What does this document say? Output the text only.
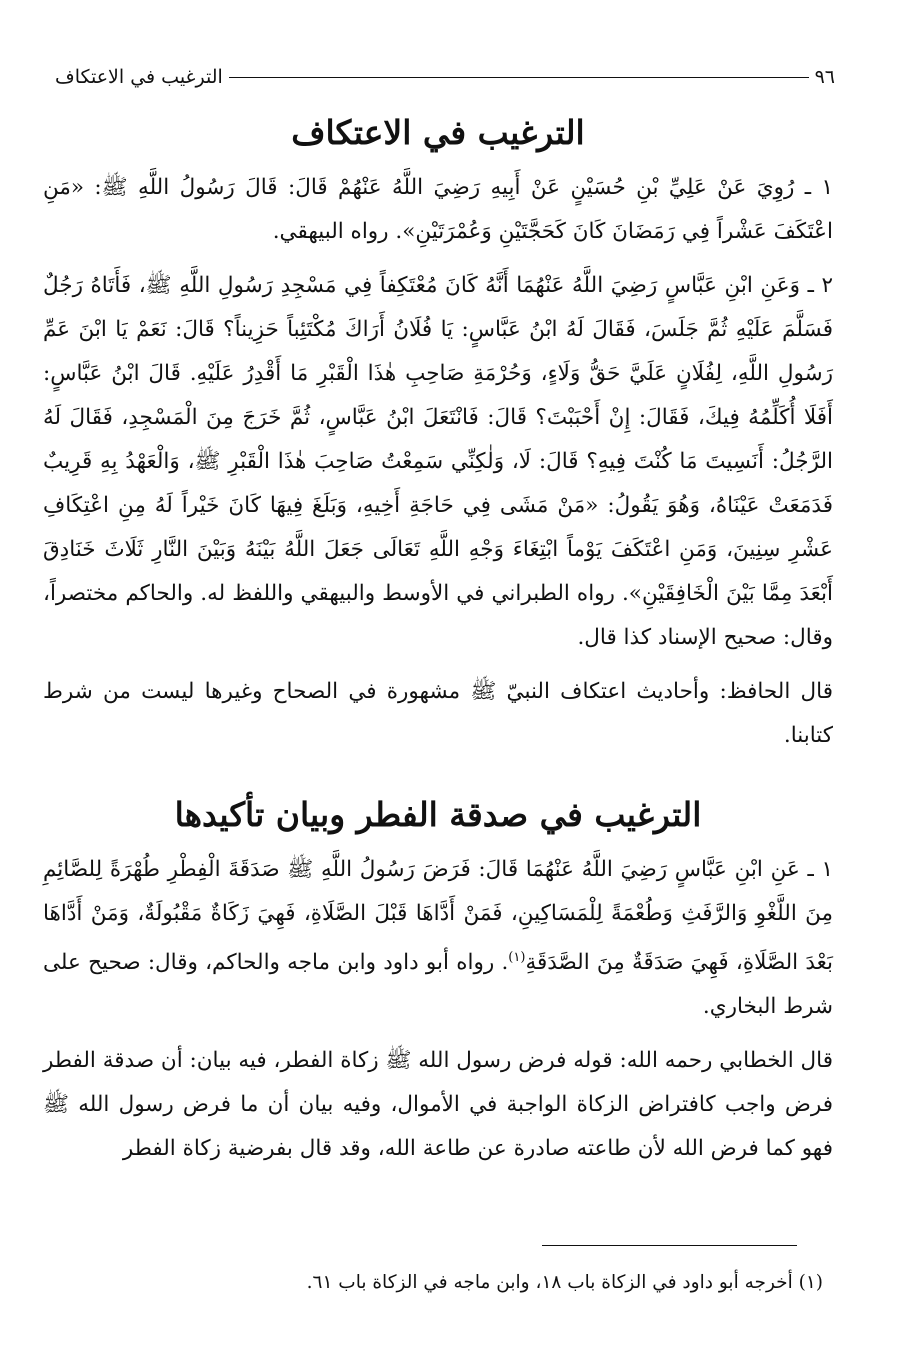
الترغيب في الاعتكاف	٩٦
الترغيب في الاعتكاف

١ ـ رُوِيَ عَنْ عَلِيِّ بْنِ حُسَيْنٍ عَنْ أَبِيهِ رَضِيَ اللَّهُ عَنْهُمْ قَالَ: قَالَ رَسُولُ اللَّهِ ﷺ: «مَنِ اعْتَكَفَ عَشْراً فِي رَمَضَانَ كَانَ كَحَجَّتَيْنِ وَعُمْرَتَيْنِ». رواه البيهقي.

٢ ـ وَعَنِ ابْنِ عَبَّاسٍ رَضِيَ اللَّهُ عَنْهُمَا أَنَّهُ كَانَ مُعْتَكِفاً فِي مَسْجِدِ رَسُولِ اللَّهِ ﷺ، فَأَتَاهُ رَجُلٌ فَسَلَّمَ عَلَيْهِ ثُمَّ جَلَسَ، فَقَالَ لَهُ ابْنُ عَبَّاسٍ: يَا فُلَانُ أَرَاكَ مُكْتَئِباً حَزِيناً؟ قَالَ: نَعَمْ يَا ابْنَ عَمِّ رَسُولِ اللَّهِ، لِفُلَانٍ عَلَيَّ حَقُّ وَلَاءٍ، وَحُرْمَةِ صَاحِبِ هٰذَا الْقَبْرِ مَا أَقْدِرُ عَلَيْهِ. قَالَ ابْنُ عَبَّاسٍ: أَفَلَا أُكَلِّمُهُ فِيكَ، فَقَالَ: إِنْ أَحْبَبْتَ؟ قَالَ: فَانْتَعَلَ ابْنُ عَبَّاسٍ، ثُمَّ خَرَجَ مِنَ الْمَسْجِدِ، فَقَالَ لَهُ الرَّجُلُ: أَنَسِيتَ مَا كُنْتَ فِيهِ؟ قَالَ: لَا، وَلٰكِنِّي سَمِعْتُ صَاحِبَ هٰذَا الْقَبْرِ ﷺ، وَالْعَهْدُ بِهِ قَرِيبٌ فَدَمَعَتْ عَيْنَاهُ، وَهُوَ يَقُولُ: «مَنْ مَشَى فِي حَاجَةِ أَخِيهِ، وَبَلَغَ فِيهَا كَانَ خَيْراً لَهُ مِنِ اعْتِكَافِ عَشْرِ سِنِينَ، وَمَنِ اعْتَكَفَ يَوْماً ابْتِغَاءَ وَجْهِ اللَّهِ تَعَالَى جَعَلَ اللَّهُ بَيْنَهُ وَبَيْنَ النَّارِ ثَلَاثَ خَنَادِقَ أَبْعَدَ مِمَّا بَيْنَ الْخَافِقَيْنِ». رواه الطبراني في الأوسط والبيهقي واللفظ له. والحاكم مختصراً، وقال: صحيح الإسناد كذا قال.

قال الحافظ: وأحاديث اعتكاف النبيّ ﷺ مشهورة في الصحاح وغيرها ليست من شرط كتابنا.

الترغيب في صدقة الفطر وبيان تأكيدها

١ ـ عَنِ ابْنِ عَبَّاسٍ رَضِيَ اللَّهُ عَنْهُمَا قَالَ: فَرَضَ رَسُولُ اللَّهِ ﷺ صَدَقَةَ الْفِطْرِ طُهْرَةً لِلصَّائِمِ مِنَ اللَّغْوِ وَالرَّفَثِ وَطُعْمَةً لِلْمَسَاكِينِ، فَمَنْ أَدَّاهَا قَبْلَ الصَّلَاةِ، فَهِيَ زَكَاةٌ مَقْبُولَةٌ، وَمَنْ أَدَّاهَا بَعْدَ الصَّلَاةِ، فَهِيَ صَدَقَةٌ مِنَ الصَّدَقَةِ$^{(١)}$. رواه أبو داود وابن ماجه والحاكم، وقال: صحيح على شرط البخاري.

قال الخطابي رحمه الله: قوله فرض رسول الله ﷺ زكاة الفطر، فيه بيان: أن صدقة الفطر فرض واجب كافتراض الزكاة الواجبة في الأموال، وفيه بيان أن ما فرض رسول الله ﷺ فهو كما فرض الله لأن طاعته صادرة عن طاعة الله، وقد قال بفرضية زكاة الفطر

(١) أخرجه أبو داود في الزكاة باب ١٨، وابن ماجه في الزكاة باب ٦١.
